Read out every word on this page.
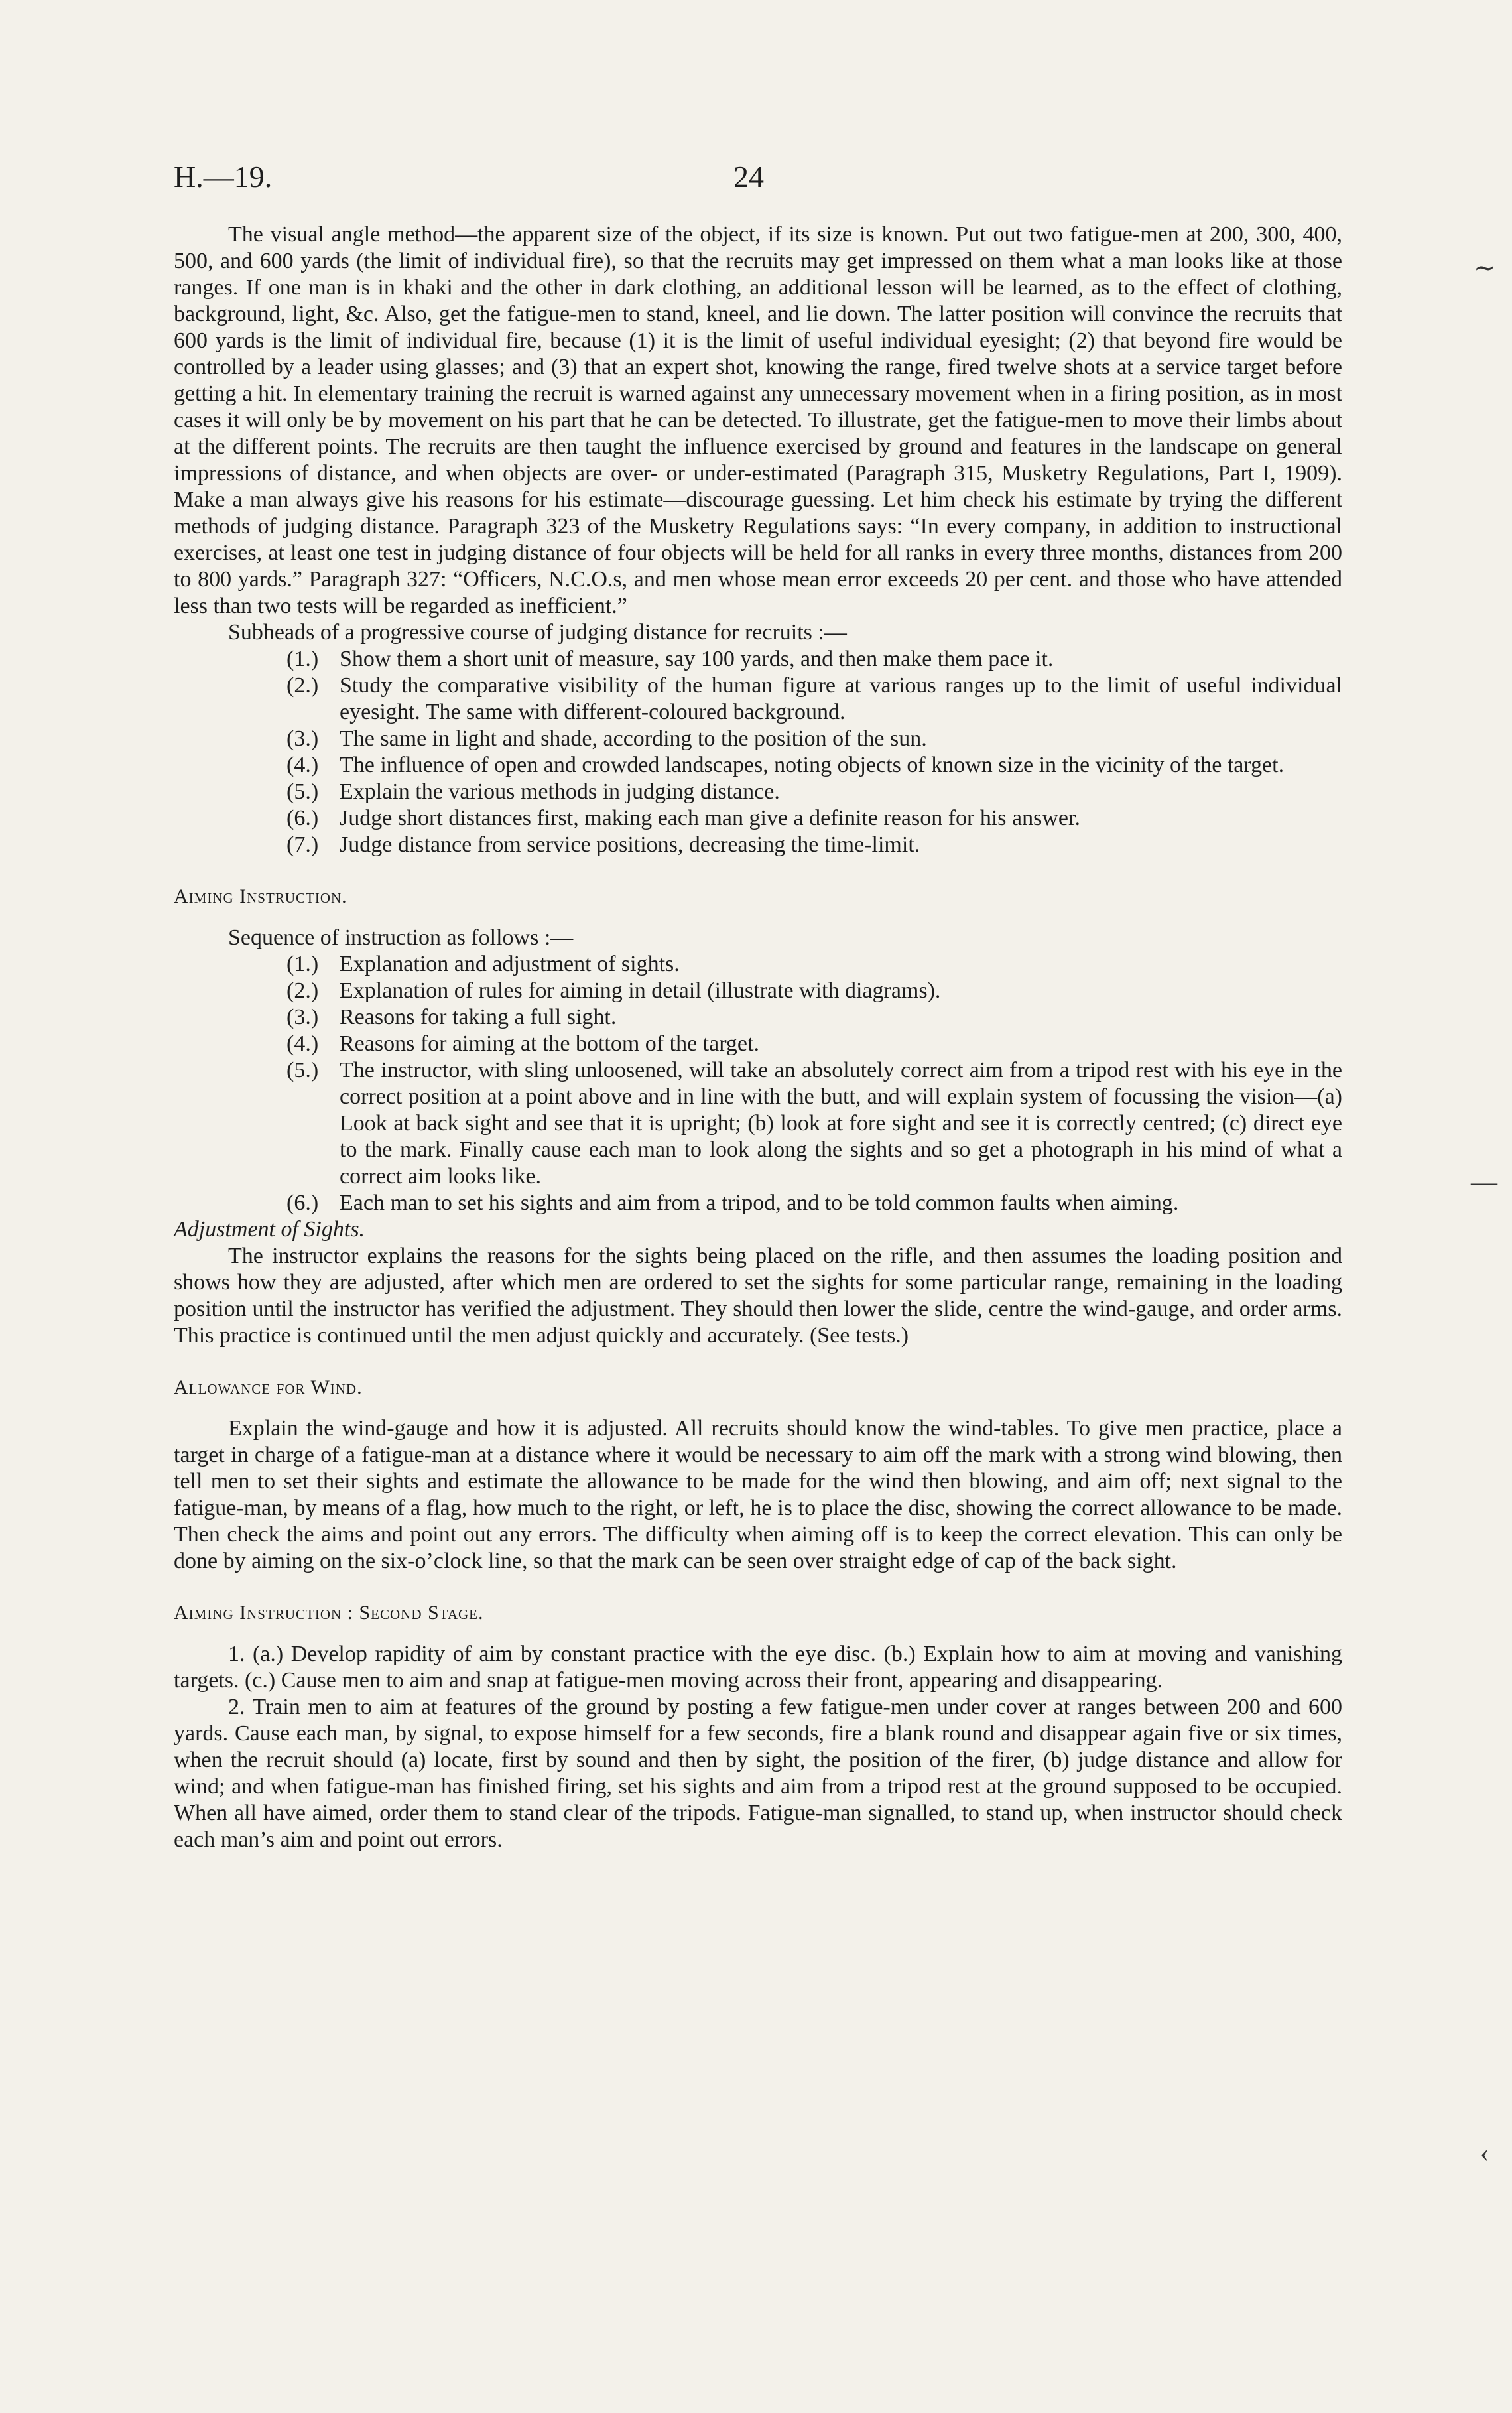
H.—19.	24

The visual angle method—the apparent size of the object, if its size is known. Put out two fatigue-men at 200, 300, 400, 500, and 600 yards (the limit of individual fire), so that the recruits may get impressed on them what a man looks like at those ranges. If one man is in khaki and the other in dark clothing, an additional lesson will be learned, as to the effect of clothing, background, light, &c. Also, get the fatigue-men to stand, kneel, and lie down. The latter position will convince the recruits that 600 yards is the limit of individual fire, because (1) it is the limit of useful individual eyesight; (2) that beyond fire would be controlled by a leader using glasses; and (3) that an expert shot, knowing the range, fired twelve shots at a service target before getting a hit. In elementary training the recruit is warned against any unnecessary movement when in a firing position, as in most cases it will only be by movement on his part that he can be detected. To illustrate, get the fatigue-men to move their limbs about at the different points. The recruits are then taught the influence exercised by ground and features in the landscape on general impressions of distance, and when objects are over- or under-estimated (Paragraph 315, Musketry Regulations, Part I, 1909). Make a man always give his reasons for his estimate—discourage guessing. Let him check his estimate by trying the different methods of judging distance. Paragraph 323 of the Musketry Regulations says: “In every company, in addition to instructional exercises, at least one test in judging distance of four objects will be held for all ranks in every three months, distances from 200 to 800 yards.” Paragraph 327: “Officers, N.C.O.s, and men whose mean error exceeds 20 per cent. and those who have attended less than two tests will be regarded as inefficient.”

Subheads of a progressive course of judging distance for recruits :—

(1.) Show them a short unit of measure, say 100 yards, and then make them pace it.

(2.) Study the comparative visibility of the human figure at various ranges up to the limit of useful individual eyesight. The same with different-coloured background.

(3.) The same in light and shade, according to the position of the sun.

(4.) The influence of open and crowded landscapes, noting objects of known size in the vicinity of the target.

(5.) Explain the various methods in judging distance.

(6.) Judge short distances first, making each man give a definite reason for his answer.

(7.) Judge distance from service positions, decreasing the time-limit.

Aiming Instruction.

Sequence of instruction as follows :—

(1.) Explanation and adjustment of sights.

(2.) Explanation of rules for aiming in detail (illustrate with diagrams).

(3.) Reasons for taking a full sight.

(4.) Reasons for aiming at the bottom of the target.

(5.) The instructor, with sling unloosened, will take an absolutely correct aim from a tripod rest with his eye in the correct position at a point above and in line with the butt, and will explain system of focussing the vision—(a) Look at back sight and see that it is upright; (b) look at fore sight and see it is correctly centred; (c) direct eye to the mark. Finally cause each man to look along the sights and so get a photograph in his mind of what a correct aim looks like.

(6.) Each man to set his sights and aim from a tripod, and to be told common faults when aiming.

Adjustment of Sights.

The instructor explains the reasons for the sights being placed on the rifle, and then assumes the loading position and shows how they are adjusted, after which men are ordered to set the sights for some particular range, remaining in the loading position until the instructor has verified the adjustment. They should then lower the slide, centre the wind-gauge, and order arms. This practice is continued until the men adjust quickly and accurately. (See tests.)

Allowance for Wind.

Explain the wind-gauge and how it is adjusted. All recruits should know the wind-tables. To give men practice, place a target in charge of a fatigue-man at a distance where it would be necessary to aim off the mark with a strong wind blowing, then tell men to set their sights and estimate the allowance to be made for the wind then blowing, and aim off; next signal to the fatigue-man, by means of a flag, how much to the right, or left, he is to place the disc, showing the correct allowance to be made. Then check the aims and point out any errors. The difficulty when aiming off is to keep the correct elevation. This can only be done by aiming on the six-o’clock line, so that the mark can be seen over straight edge of cap of the back sight.

Aiming Instruction : Second Stage.

1. (a.) Develop rapidity of aim by constant practice with the eye disc. (b.) Explain how to aim at moving and vanishing targets. (c.) Cause men to aim and snap at fatigue-men moving across their front, appearing and disappearing.

2. Train men to aim at features of the ground by posting a few fatigue-men under cover at ranges between 200 and 600 yards. Cause each man, by signal, to expose himself for a few seconds, fire a blank round and disappear again five or six times, when the recruit should (a) locate, first by sound and then by sight, the position of the firer, (b) judge distance and allow for wind; and when fatigue-man has finished firing, set his sights and aim from a tripod rest at the ground supposed to be occupied. When all have aimed, order them to stand clear of the tripods. Fatigue-man signalled, to stand up, when instructor should check each man’s aim and point out errors.

∼
—
‹
